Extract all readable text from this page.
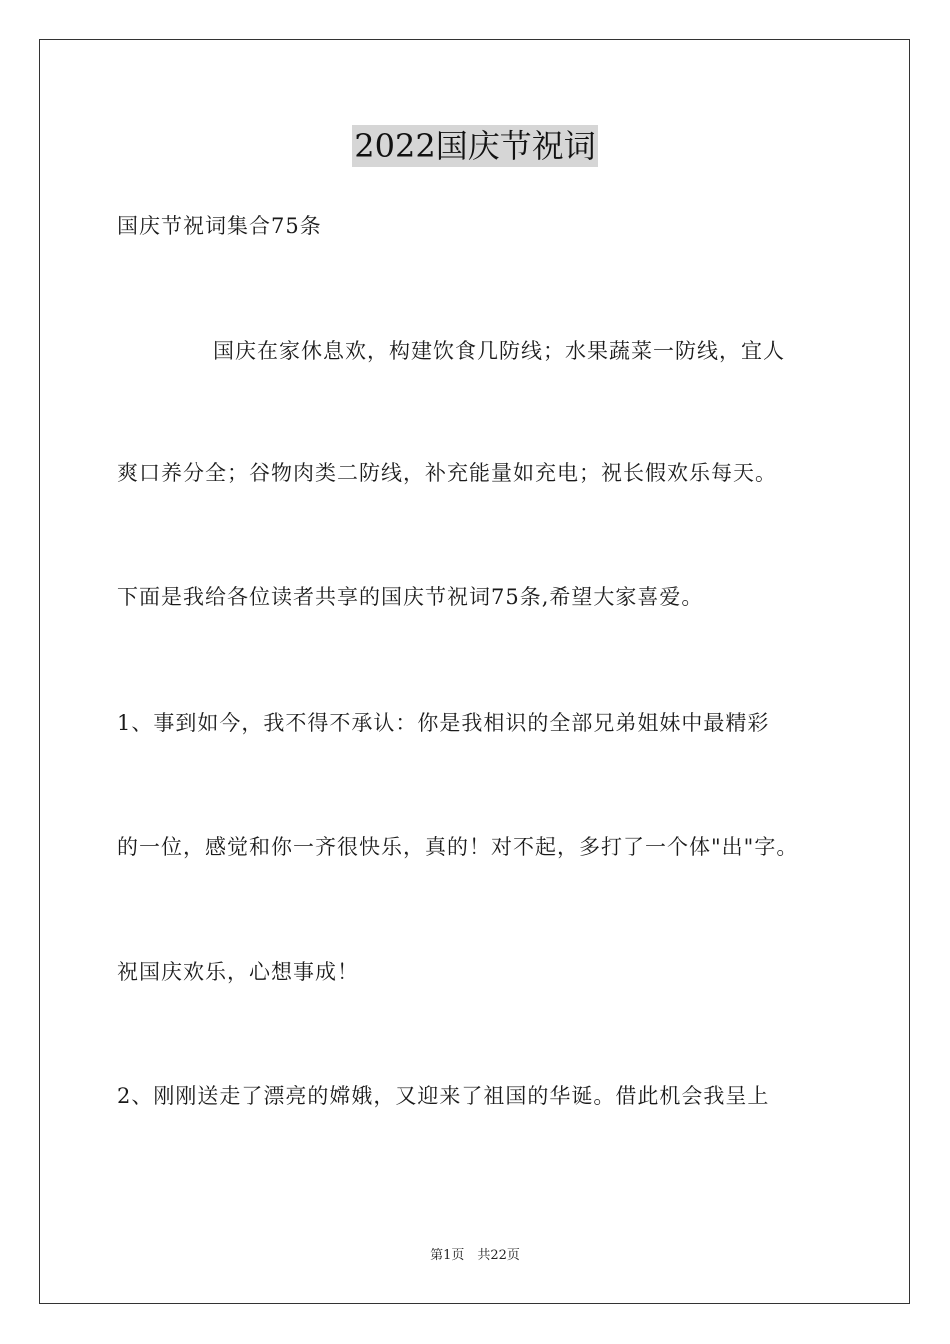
2022国庆节祝词
国庆节祝词集合75条
国庆在家休息欢，构建饮食几防线；水果蔬菜一防线，宜人
爽口养分全；谷物肉类二防线，补充能量如充电；祝长假欢乐每天。
下面是我给各位读者共享的国庆节祝词75条,希望大家喜爱。
1、事到如今，我不得不承认：你是我相识的全部兄弟姐妹中最精彩
的一位，感觉和你一齐很快乐，真的！对不起，多打了一个体"出"字。
祝国庆欢乐，心想事成！
2、刚刚送走了漂亮的嫦娥，又迎来了祖国的华诞。借此机会我呈上
第1页　共22页
